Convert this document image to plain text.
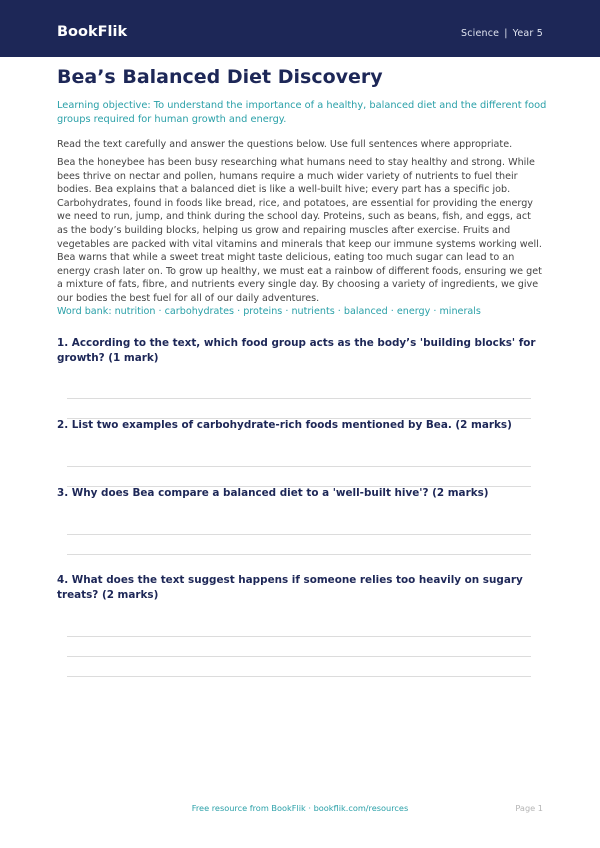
BookFlik	Science | Year 5
Bea’s Balanced Diet Discovery

Learning objective: To understand the importance of a healthy, balanced diet and the different food groups required for human growth and energy.

Read the text carefully and answer the questions below. Use full sentences where appropriate.

Bea the honeybee has been busy researching what humans need to stay healthy and strong. While bees thrive on nectar and pollen, humans require a much wider variety of nutrients to fuel their bodies. Bea explains that a balanced diet is like a well-built hive; every part has a specific job. Carbohydrates, found in foods like bread, rice, and potatoes, are essential for providing the energy we need to run, jump, and think during the school day. Proteins, such as beans, fish, and eggs, act as the body’s building blocks, helping us grow and repairing muscles after exercise. Fruits and vegetables are packed with vital vitamins and minerals that keep our immune systems working well. Bea warns that while a sweet treat might taste delicious, eating too much sugar can lead to an energy crash later on. To grow up healthy, we must eat a rainbow of different foods, ensuring we get a mixture of fats, fibre, and nutrients every single day. By choosing a variety of ingredients, we give our bodies the best fuel for all of our daily adventures.

Word bank: nutrition · carbohydrates · proteins · nutrients · balanced · energy · minerals

1. According to the text, which food group acts as the body’s 'building blocks' for growth? (1 mark)

2. List two examples of carbohydrate-rich foods mentioned by Bea. (2 marks)

3. Why does Bea compare a balanced diet to a 'well-built hive'? (2 marks)

4. What does the text suggest happens if someone relies too heavily on sugary treats? (2 marks)

Free resource from BookFlik · bookflik.com/resources	Page 1
